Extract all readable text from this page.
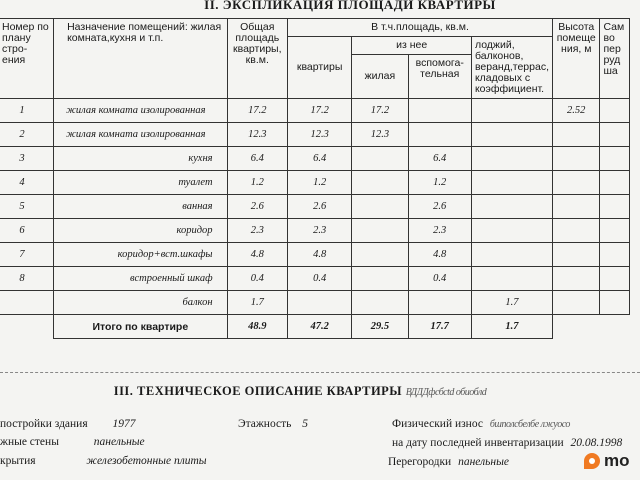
II. ЭКСПЛИКАЦИЯ ПЛОЩАДИ КВАРТИРЫ
Номер по плану стро-ения	Назначение помещений: жилая комната,кухня и т.п.	Общая площадь квартиры, кв.м.	В т.ч.площадь, кв.м.				Высота помеще ния, м	Сам во пер руд ша
			квартиры	из нее		лоджий, балконов, веранд,террас, кладовых с коэффициент.		
				жилая	вспомога-тельная			
1	жилая комната изолированная	17.2	17.2	17.2			2.52	
2	жилая комната изолированная	12.3	12.3	12.3				
3	кухня	6.4	6.4		6.4			
4	туалет	1.2	1.2		1.2			
5	ванная	2.6	2.6		2.6			
6	коридор	2.3	2.3		2.3			
7	коридор+вст.шкафы	4.8	4.8		4.8			
8	встроенный шкаф	0.4	0.4		0.4			
	балкон	1.7				1.7		
	Итого по квартире	48.9	47.2	29.5	17.7	1.7		
III. ТЕХНИЧЕСКОЕ ОПИСАНИЕ КВАРТИРЫ ВДДДфсбсtd обиоблd
постройки здания 1977
жные стены	панельные
крытия	железобетонные плиты
Этажность 5	Физический износ бшполсбелбе лжуосо
на дату последней инвентаризации 20.08.1998
Перегородки панельные	mo
